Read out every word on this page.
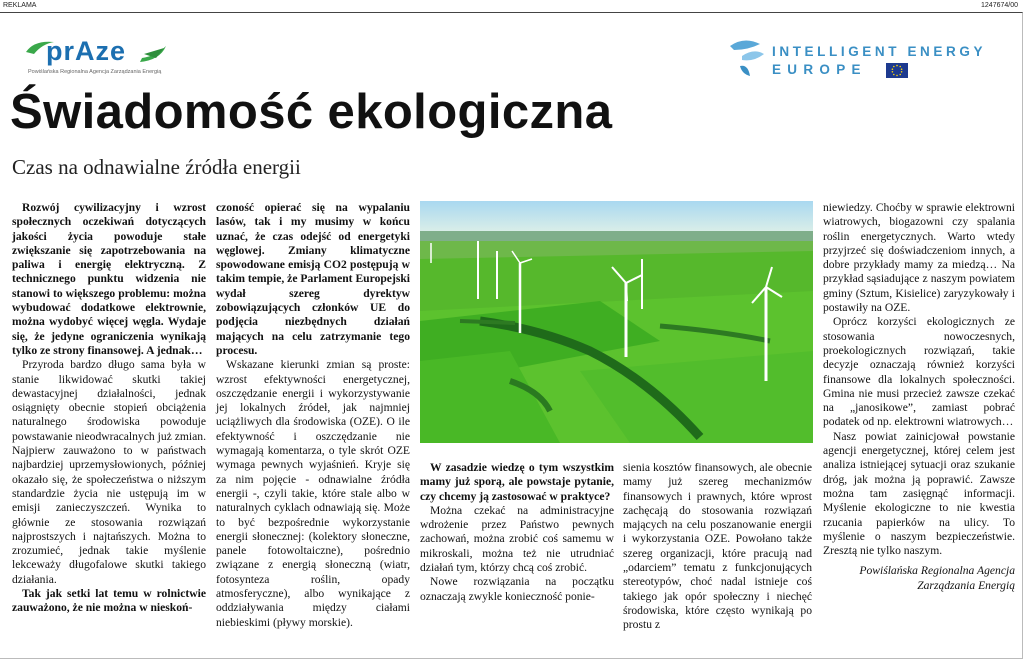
REKLAMA	1247674/00
prAze
Powiślańska Regionalna Agencja Zarządzania Energią
INTELLIGENT ENERGY
EUROPE
Świadomość ekologiczna
Czas na odnawialne źródła energii

Rozwój cywilizacyjny i wzrost społecznych oczekiwań dotyczących jakości życia powoduje stałe zwiększanie się zapotrzebowania na paliwa i energię elektryczną. Z technicznego punktu widzenia nie stanowi to większego problemu: można wybudować dodatkowe elektrownie, można wydobyć więcej węgla. Wydaje się, że jedyne ograniczenia wynikają tylko ze strony finansowej. A jednak…

Przyroda bardzo długo sama była w stanie likwidować skutki takiej dewastacyjnej działalności, jednak osiągnięty obecnie stopień obciążenia naturalnego środowiska powoduje powstawanie nieodwracalnych już zmian. Najpierw zauważono to w państwach najbardziej uprzemysłowionych, później okazało się, że społeczeństwa o niższym standardzie życia nie ustępują im w emisji zanieczyszczeń. Wynika to głównie ze stosowania rozwiązań najprostszych i najtańszych. Można to zrozumieć, jednak takie myślenie lekceważy długofalowe skutki takiego działania.

Tak jak setki lat temu w rolnictwie zauważono, że nie można w nieskoń-

czoność opierać się na wypalaniu lasów, tak i my musimy w końcu uznać, że czas odejść od energetyki węglowej. Zmiany klimatyczne spowodowane emisją CO2 postępują w takim tempie, że Parlament Europejski wydał szereg dyrektyw zobowiązujących członków UE do podjęcia niezbędnych działań mających na celu zatrzymanie tego procesu.

Wskazane kierunki zmian są proste: wzrost efektywności energetycznej, oszczędzanie energii i wykorzystywanie jej lokalnych źródeł, jak najmniej uciążliwych dla środowiska (OZE). O ile efektywność i oszczędzanie nie wymagają komentarza, o tyle skrót OZE wymaga pewnych wyjaśnień. Kryje się za nim pojęcie - odnawialne źródła energii -, czyli takie, które stale albo w naturalnych cyklach odnawiają się. Może to być bezpośrednie wykorzystanie energii słonecznej: (kolektory słoneczne, panele fotowoltaiczne), pośrednio związane z energią słoneczną (wiatr, fotosynteza roślin, opady atmosferyczne), albo wynikające z oddziaływania między ciałami niebieskimi (pływy morskie).

W zasadzie wiedzę o tym wszystkim mamy już sporą, ale powstaje pytanie, czy chcemy ją zastosować w praktyce?

Można czekać na administracyjne wdrożenie przez Państwo pewnych zachowań, można zrobić coś samemu w mikroskali, można też nie utrudniać działań tym, którzy chcą coś zrobić.

Nowe rozwiązania na początku oznaczają zwykle konieczność ponie-

sienia kosztów finansowych, ale obecnie mamy już szereg mechanizmów finansowych i prawnych, które wprost zachęcają do stosowania rozwiązań mających na celu poszanowanie energii i wykorzystania OZE. Powołano także szereg organizacji, które pracują nad „odarciem” tematu z funkcjonujących stereotypów, choć nadal istnieje coś takiego jak opór społeczny i niechęć środowiska, które często wynikają po prostu z

niewiedzy. Choćby w sprawie elektrowni wiatrowych, biogazowni czy spalania roślin energetycznych. Warto wtedy przyjrzeć się doświadczeniom innych, a dobre przykłady mamy za miedzą… Na przykład sąsiadujące z naszym powiatem gminy (Sztum, Kisielice) zaryzykowały i postawiły na OZE.

Oprócz korzyści ekologicznych ze stosowania nowoczesnych, proekologicznych rozwiązań, takie decyzje oznaczają również korzyści finansowe dla lokalnych społeczności. Gmina nie musi przecież zawsze czekać na „janosikowe”, zamiast pobrać podatek od np. elektrowni wiatrowych…

Nasz powiat zainicjował powstanie agencji energetycznej, której celem jest analiza istniejącej sytuacji oraz szukanie dróg, jak można ją poprawić. Zawsze można tam zasięgnąć informacji. Myślenie ekologiczne to nie kwestia rzucania papierków na ulicy. To myślenie o naszym bezpieczeństwie. Zresztą nie tylko naszym.

Powiślańska Regionalna Agencja
Zarządzania Energią
